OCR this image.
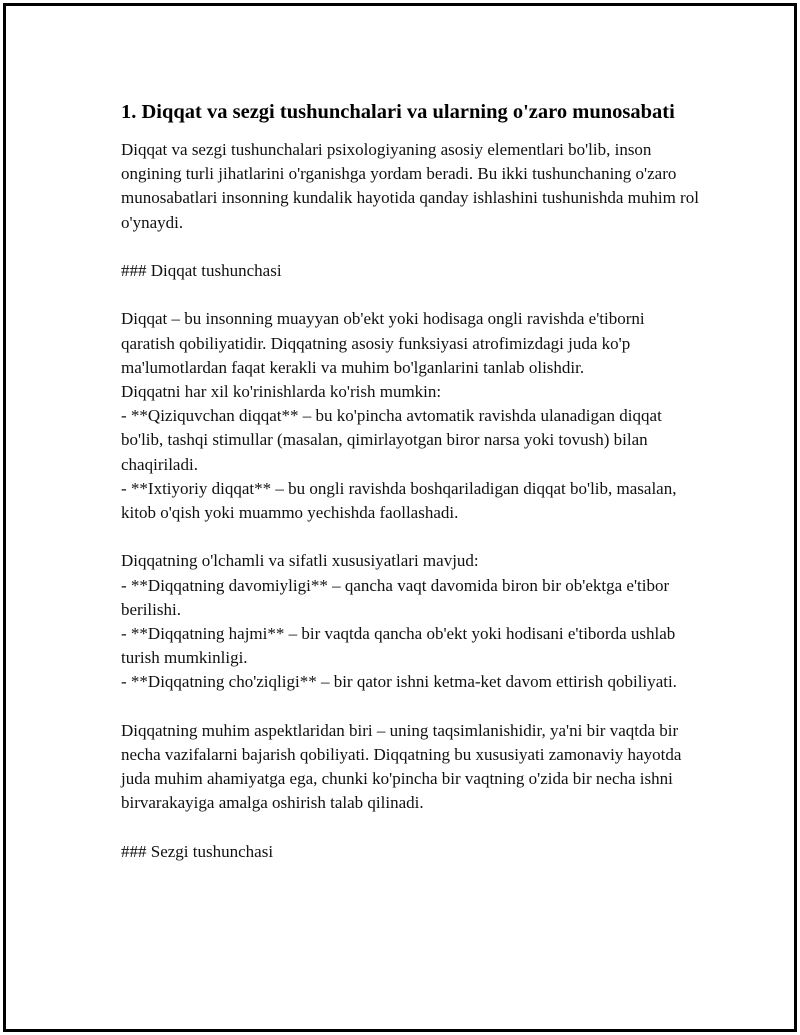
1. Diqqat va sezgi tushunchalari va ularning o'zaro munosabati

Diqqat va sezgi tushunchalari psixologiyaning asosiy elementlari bo'lib, inson ongining turli jihatlarini o'rganishga yordam beradi. Bu ikki tushunchaning o'zaro munosabatlari insonning kundalik hayotida qanday ishlashini tushunishda muhim rol o'ynaydi.

### Diqqat tushunchasi

Diqqat – bu insonning muayyan ob'ekt yoki hodisaga ongli ravishda e'tiborni qaratish qobiliyatidir. Diqqatning asosiy funksiyasi atrofimizdagi juda ko'p ma'lumotlardan faqat kerakli va muhim bo'lganlarini tanlab olishdir.
Diqqatni har xil ko'rinishlarda ko'rish mumkin:
- **Qiziquvchan diqqat** – bu ko'pincha avtomatik ravishda ulanadigan diqqat bo'lib, tashqi stimullar (masalan, qimirlayotgan biror narsa yoki tovush) bilan chaqiriladi.
- **Ixtiyoriy diqqat** – bu ongli ravishda boshqariladigan diqqat bo'lib, masalan, kitob o'qish yoki muammo yechishda faollashadi.

Diqqatning o'lchamli va sifatli xususiyatlari mavjud:
- **Diqqatning davomiyligi** – qancha vaqt davomida biron bir ob'ektga e'tibor berilishi.
- **Diqqatning hajmi** – bir vaqtda qancha ob'ekt yoki hodisani e'tiborda ushlab turish mumkinligi.
- **Diqqatning cho'ziqligi** – bir qator ishni ketma-ket davom ettirish qobiliyati.

Diqqatning muhim aspektlaridan biri – uning taqsimlanishidir, ya'ni bir vaqtda bir necha vazifalarni bajarish qobiliyati. Diqqatning bu xususiyati zamonaviy hayotda juda muhim ahamiyatga ega, chunki ko'pincha bir vaqtning o'zida bir necha ishni birvarakayiga amalga oshirish talab qilinadi.

### Sezgi tushunchasi
